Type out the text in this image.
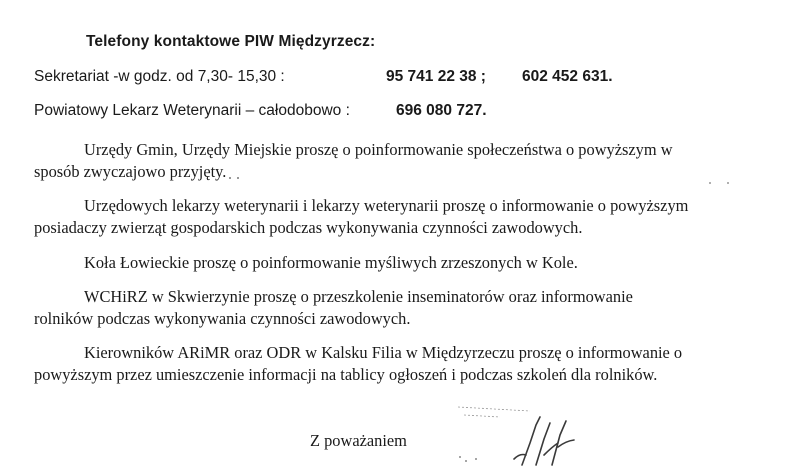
Telefony kontaktowe PIW Międzyrzecz:
Sekretariat -w godz. od 7,30- 15,30 :	95 741 22 38 ; 602 452 631.
Powiatowy Lekarz Weterynarii – całodobowo :	696 080 727.
Urzędy Gmin, Urzędy Miejskie proszę o poinformowanie społeczeństwa o powyższym w
sposób zwyczajowo przyjęty.
Urzędowych lekarzy weterynarii i lekarzy weterynarii proszę o informowanie o powyższym
posiadaczy zwierząt gospodarskich podczas wykonywania czynności zawodowych.
Koła Łowieckie proszę o poinformowanie myśliwych zrzeszonych w Kole.
WCHiRZ w Skwierzynie proszę o przeszkolenie inseminatorów oraz informowanie
rolników podczas wykonywania czynności zawodowych.
Kierowników ARiMR oraz ODR w Kalsku Filia w Międzyrzeczu proszę o informowanie o
powyższym przez umieszczenie informacji na tablicy ogłoszeń i podczas szkoleń dla rolników.
Z poważaniem
